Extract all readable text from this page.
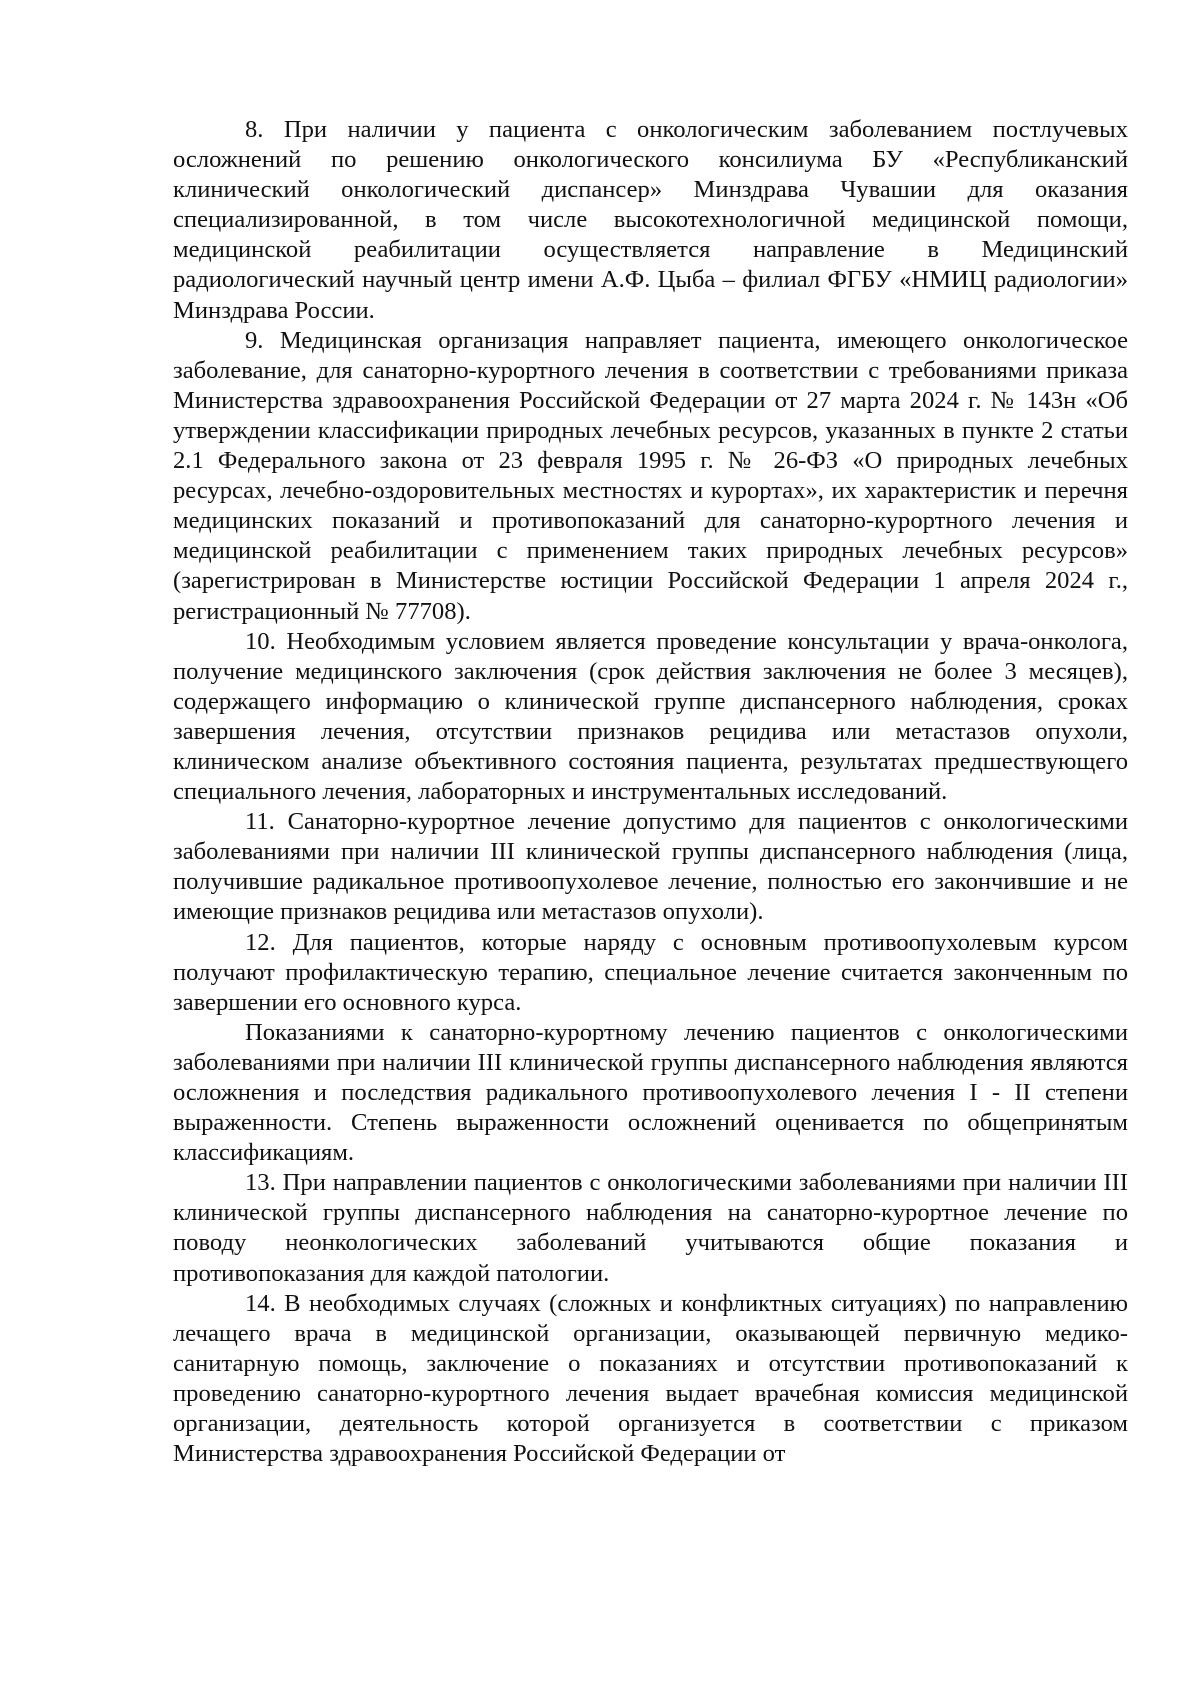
8. При наличии у пациента с онкологическим заболеванием постлучевых осложнений по решению онкологического консилиума БУ «Республиканский клинический онкологический диспансер» Минздрава Чувашии для оказания специализированной, в том числе высокотехнологичной медицинской помощи, медицинской реабилитации осуществляется направление в Медицинский радиологический научный центр имени А.Ф. Цыба – филиал ФГБУ «НМИЦ радиологии» Минздрава России.

9. Медицинская организация направляет пациента, имеющего онкологическое заболевание, для санаторно-курортного лечения в соответствии с требованиями приказа Министерства здравоохранения Российской Федерации от 27 марта 2024 г. № 143н «Об утверждении классификации природных лечебных ресурсов, указанных в пункте 2 статьи 2.1 Федерального закона от 23 февраля 1995 г. № 26-ФЗ «О природных лечебных ресурсах, лечебно-оздоровительных местностях и курортах», их характеристик и перечня медицинских показаний и противопоказаний для санаторно-курортного лечения и медицинской реабилитации с применением таких природных лечебных ресурсов» (зарегистрирован в Министерстве юстиции Российской Федерации 1 апреля 2024 г., регистрационный № 77708).

10. Необходимым условием является проведение консультации у врача-онколога, получение медицинского заключения (срок действия заключения не более 3 месяцев), содержащего информацию о клинической группе диспансерного наблюдения, сроках завершения лечения, отсутствии признаков рецидива или метастазов опухоли, клиническом анализе объективного состояния пациента, результатах предшествующего специального лечения, лабораторных и инструментальных исследований.

11. Санаторно-курортное лечение допустимо для пациентов с онкологическими заболеваниями при наличии III клинической группы диспансерного наблюдения (лица, получившие радикальное противоопухолевое лечение, полностью его закончившие и не имеющие признаков рецидива или метастазов опухоли).

12. Для пациентов, которые наряду с основным противоопухолевым курсом получают профилактическую терапию, специальное лечение считается законченным по завершении его основного курса.

Показаниями к санаторно-курортному лечению пациентов с онкологическими заболеваниями при наличии III клинической группы диспансерного наблюдения являются осложнения и последствия радикального противоопухолевого лечения I - II степени выраженности. Степень выраженности осложнений оценивается по общепринятым классификациям.

13. При направлении пациентов с онкологическими заболеваниями при наличии III клинической группы диспансерного наблюдения на санаторно-курортное лечение по поводу неонкологических заболеваний учитываются общие показания и противопоказания для каждой патологии.

14. В необходимых случаях (сложных и конфликтных ситуациях) по направлению лечащего врача в медицинской организации, оказывающей первичную медико-санитарную помощь, заключение о показаниях и отсутствии противопоказаний к проведению санаторно-курортного лечения выдает врачебная комиссия медицинской организации, деятельность которой организуется в соответствии с приказом Министерства здравоохранения Российской Федерации от
